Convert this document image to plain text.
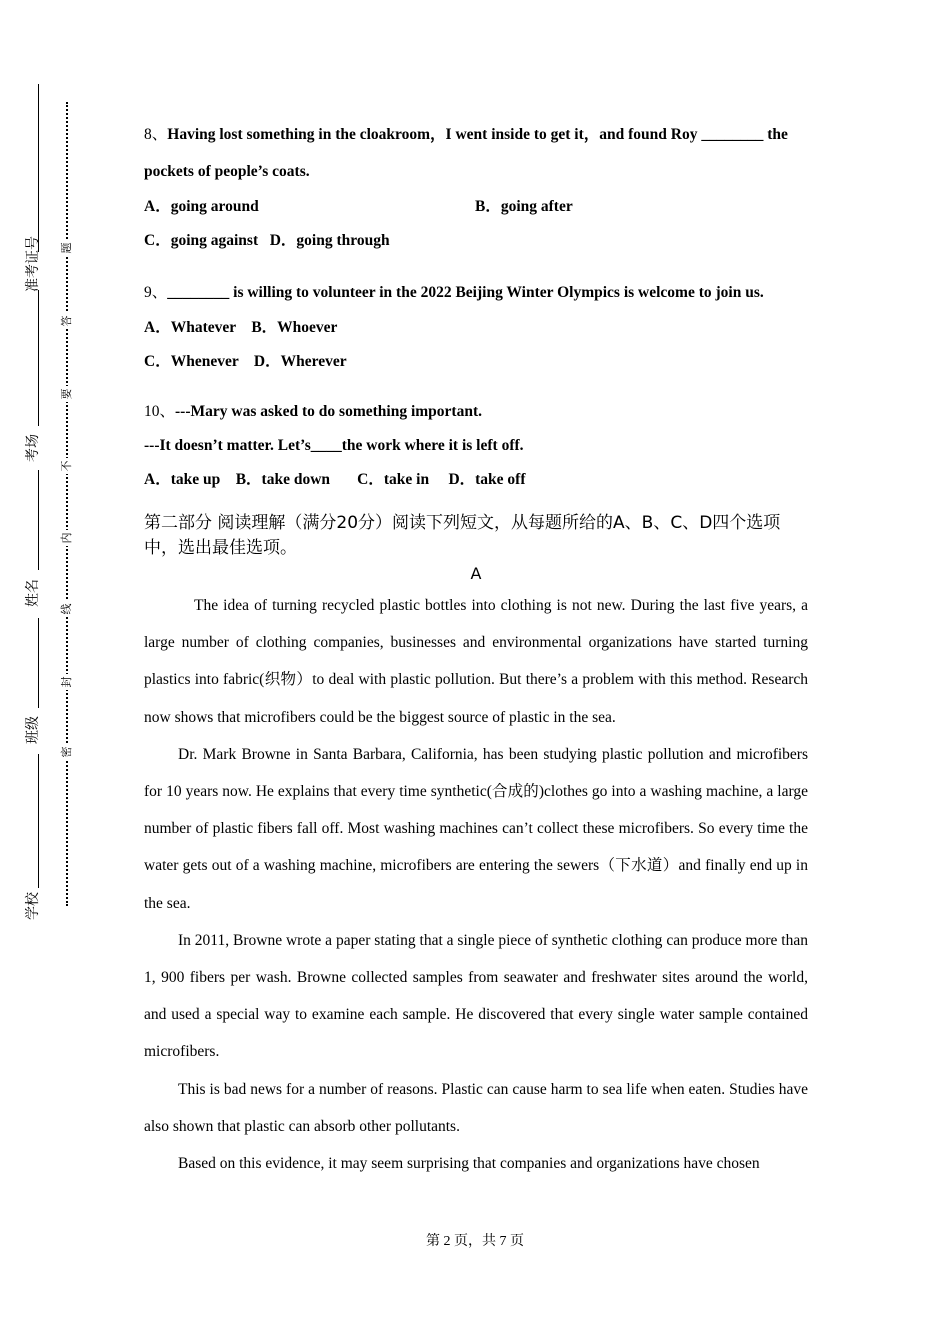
准考证号
考场
姓名
班级
学校
题
答
要
不
内
线
封
密

8、Having lost something in the cloakroom，I went inside to get it，and found Roy ________ the pockets of people’s coats.

A．going around	B．going after

C．going against   D．going through

9、________ is willing to volunteer in the 2022 Beijing Winter Olympics is welcome to join us.

A．Whatever    B．Whoever

C．Whenever    D．Wherever

10、---Mary was asked to do something important.

---It doesn’t matter. Let’s____the work where it is left off.

A．take up    B．take down       C．take in     D．take off

第二部分 阅读理解（满分20分）阅读下列短文，从每题所给的A、B、C、D四个选项中，选出最佳选项。

A

The idea of turning recycled plastic bottles into clothing is not new. During the last five years, a large number of clothing companies, businesses and environmental organizations have started turning plastics into fabric(织物）to deal with plastic pollution. But there’s a problem with this method. Research now shows that microfibers could be the biggest source of plastic in the sea.

Dr. Mark Browne in Santa Barbara, California, has been studying plastic pollution and microfibers for 10 years now. He explains that every time synthetic(合成的)clothes go into a washing machine, a large number of plastic fibers fall off. Most washing machines can’t collect these microfibers. So every time the water gets out of a washing machine, microfibers are entering the sewers（下水道）and finally end up in the sea.

In 2011, Browne wrote a paper stating that a single piece of synthetic clothing can produce more than 1, 900 fibers per wash. Browne collected samples from seawater and freshwater sites around the world, and used a special way to examine each sample. He discovered that every single water sample contained microfibers.

This is bad news for a number of reasons. Plastic can cause harm to sea life when eaten. Studies have also shown that plastic can absorb other pollutants.

Based on this evidence, it may seem surprising that companies and organizations have chosen

第 2 页，共 7 页
